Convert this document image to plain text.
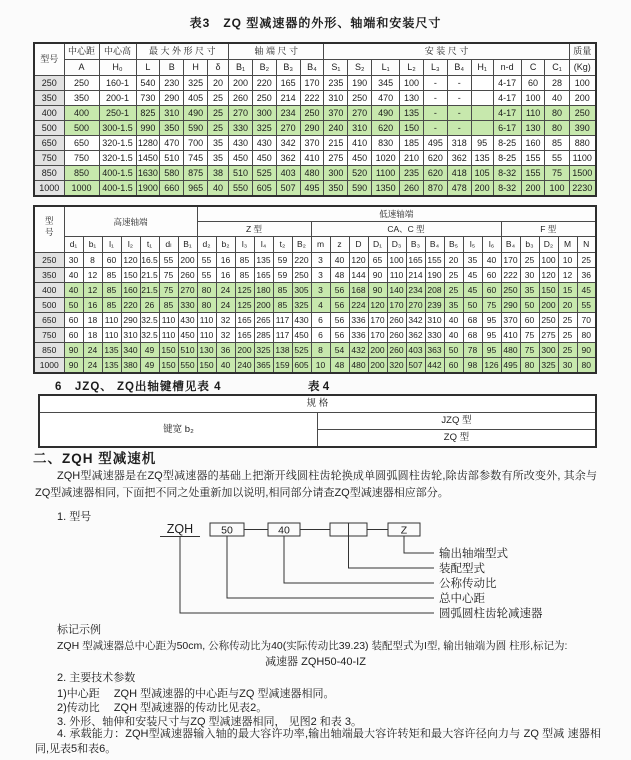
表3　ZQ 型减速器的外形、轴端和安装尺寸
型号	中心距	中心高	最 大 外 形 尺 寸				轴 端 尺 寸				安 装 尺 寸										质量
	A	H₀	L	B	H	δ	B₁	B₂	B₃	B₄	S₁	S₂	L₁	L₂	L₃	B₄	H₁	n-d	C	C₁	(Kg)
250	250	160-1	540	230	325	20	200	220	165	170	235	190	345	100	-	-		4-17	60	28	100
350	350	200-1	730	290	405	25	260	250	214	222	310	250	470	130	-	-		4-17	100	40	200
400	400	250-1	825	310	490	25	270	300	234	250	370	270	490	135	-	-		4-17	110	80	250
500	500	300-1.5	990	350	590	25	330	325	270	290	240	310	620	150	-	-		6-17	130	80	390
650	650	320-1.5	1280	470	700	35	430	430	342	370	215	410	830	185	495	318	95	8-25	160	85	880
750	750	320-1.5	1450	510	745	35	450	450	362	410	275	450	1020	210	620	362	135	8-25	155	55	1100
850	850	400-1.5	1630	580	875	38	510	525	403	480	300	520	1100	235	620	418	105	8-32	155	75	1500
1000	1000	400-1.5	1900	660	965	40	550	605	507	495	350	590	1350	260	870	478	200	8-32	200	100	2230
型号	高速轴端							低速轴端																				
								Z 型						CA、C 型										F 型				
	d₁	b₁	l₁	l₂	t₁	dₗ	B₁	d₂	b₂	l₃	l₄	t₂	B₂	m	z	D	D₁	D₃	B₃	B₄	B₅	l₅	l₆	B₄	b₃	D₂	M	N
250	30	8	60	120	16.5	55	200	55	16	85	135	59	220	3	40	120	65	100	165	155	20	35	40	170	25	100	10	25
350	40	12	85	150	21.5	75	260	55	16	85	165	59	250	3	48	144	90	110	214	190	25	45	60	222	30	120	12	36
400	40	12	85	160	21.5	75	270	80	24	125	180	85	305	3	56	168	90	140	234	208	25	45	60	250	35	150	15	45
500	50	16	85	220	26	85	330	80	24	125	200	85	325	4	56	224	120	170	270	239	35	50	75	290	50	200	20	55
650	60	18	110	290	32.5	110	430	110	32	165	265	117	430	6	56	336	170	260	342	310	40	68	95	370	60	250	25	70
750	60	18	110	310	32.5	110	450	110	32	165	285	117	450	6	56	336	170	260	362	330	40	68	95	410	75	275	25	80
850	90	24	135	340	49	150	510	130	36	200	325	138	525	8	54	432	200	260	403	363	50	78	95	480	75	300	25	90
1000	90	24	135	380	49	150	550	150	40	240	365	159	605	10	48	480	200	320	507	442	60	98	126	495	80	325	30	80
6　JZQ、 ZQ出轴键槽见表 4	表 4
规 格
键宽 b₂	JZQ 型
ZQ 型
二、ZQH 型减速机

ZQH型减速器是在ZQ型减速器的基础上把渐开线圆柱齿轮换成单圆弧圆柱齿轮,除齿部参数有所改变外, 其余与ZQ型减速器相同, 下面把不同之处重新加以说明,相同部分请查ZQ型减速器相应部分。

1. 型号
ZQH	50	40	Z
输出轴端型式
装配型式
公称传动比
总中心距
圆弧圆柱齿轮减速器
标记示例
ZQH 型减速器总中心距为50cm, 公称传动比为40(实际传动比39.23) 装配型式为I型, 输出轴端为圆 柱形,标记为:
减速器 ZQH50-40-IZ
2. 主要技术参数
1)中心距　 ZQH 型减速器的中心距与ZQ 型减速器相同。
2)传动比　 ZQH 型减速器的传动比见表2。
3. 外形、轴伸和安装尺寸与ZQ 型减速器相同， 见图2 和表 3。

4. 承载能力：ZQH型减速器输入轴的最大容许功率,输出轴端最大容许转矩和最大容许径向力与 ZQ 型减 速器相同,见表5和表6。
